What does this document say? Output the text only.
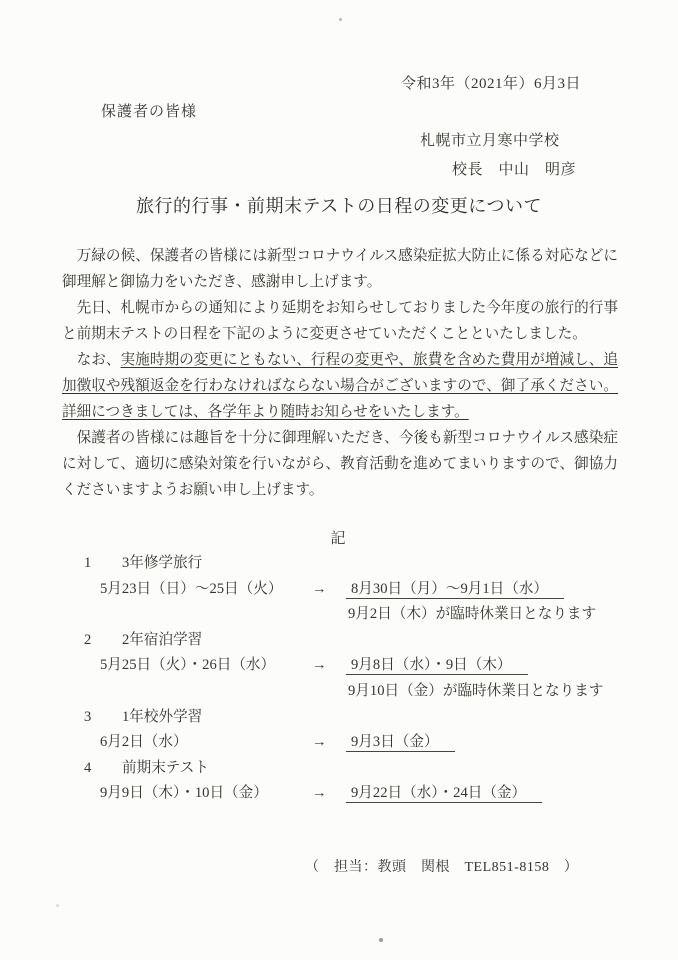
令和3年（2021年）6月3日
保護者の皆様
札幌市立月寒中学校
校長　中山　明彦
旅行的行事・前期末テストの日程の変更について

万緑の候、保護者の皆様には新型コロナウイルス感染症拡大防止に係る対応などに御理解と御協力をいただき、感謝申し上げます。

先日、札幌市からの通知により延期をお知らせしておりました今年度の旅行的行事と前期末テストの日程を下記のように変更させていただくことといたしました。

なお、実施時期の変更にともない、行程の変更や、旅費を含めた費用が増減し、追加徴収や残額返金を行わなければならない場合がございますので、御了承ください。詳細につきましては、各学年より随時お知らせをいたします。

保護者の皆様には趣旨を十分に御理解いただき、今後も新型コロナウイルス感染症に対して、適切に感染対策を行いながら、教育活動を進めてまいりますので、御協力くださいますようお願い申し上げます。

記
1 3年修学旅行
5月23日（日）～25日（火） → 8月30日（月）～9月1日（水）
9月2日（木）が臨時休業日となります
2 2年宿泊学習
5月25日（火）・26日（水）	→ 9月8日（水）・9日（木）
9月10日（金）が臨時休業日となります
3 1年校外学習
6月2日（水）	→ 9月3日（金）
4 前期末テスト
9月9日（木）・10日（金）	→ 9月22日（水）・24日（金）
（　担当：教頭　関根　TEL851-8158　）
